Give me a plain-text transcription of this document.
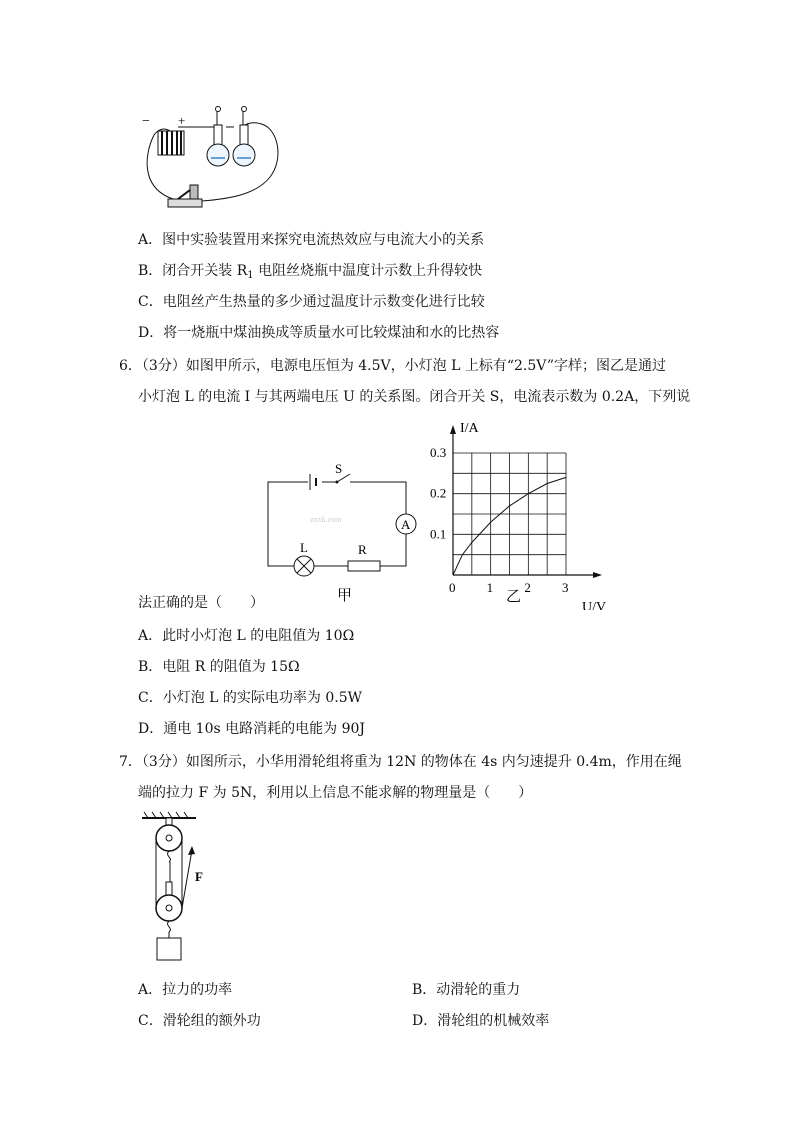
− +
A．图中实验装置用来探究电流热效应与电流大小的关系
B．闭合开关装 $R_1$ 电阻丝烧瓶中温度计示数上升得较快
C．电阻丝产生热量的多少通过温度计示数变化进行比较
D．将一烧瓶中煤油换成等质量水可比较煤油和水的比热容
6．（3分）如图甲所示，电源电压恒为 4.5V，小灯泡 L 上标有“2.5V”字样；图乙是通过
小灯泡 L 的电流 I 与其两端电压 U 的关系图。闭合开关 S，电流表示数为 0.2A，下列说
S
A
L	R
zxxk.com
甲
0 1 2 3
0.1
0.2
0.3
I/A
U/V
乙
法正确的是（　　）
A．此时小灯泡 L 的电阻值为 10Ω
B．电阻 R 的阻值为 15Ω
C．小灯泡 L 的实际电功率为 0.5W
D．通电 10s 电路消耗的电能为 90J
7．（3分）如图所示，小华用滑轮组将重为 12N 的物体在 4s 内匀速提升 0.4m，作用在绳
端的拉力 F 为 5N，利用以上信息不能求解的物理量是（　　）
F
A．拉力的功率	B．动滑轮的重力
C．滑轮组的额外功	D．滑轮组的机械效率
